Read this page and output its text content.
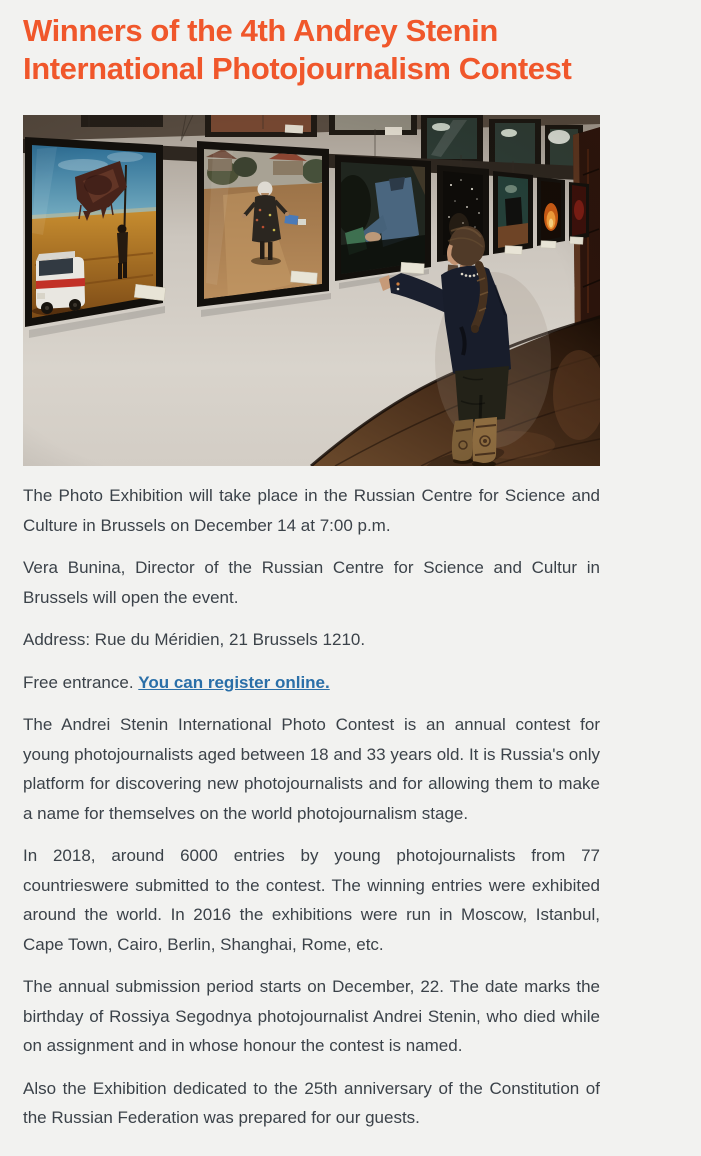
Winners of the 4th Andrey Stenin
International Photojournalism Contest

The Photo Exhibition will take place in the Russian Centre for Science and Culture in Brussels on December 14 at 7:00 p.m.

Vera Bunina, Director of the Russian Centre for Science and Cultur in Brussels will open the event.

Address: Rue du Méridien, 21 Brussels 1210.

Free entrance. You can register online.

The Andrei Stenin International Photo Contest is an annual contest for young photojournalists aged between 18 and 33 years old. It is Russia's only platform for discovering new photojournalists and for allowing them to make a name for themselves on the world photojournalism stage.

In 2018, around 6000 entries by young photojournalists from 77 countrieswere submitted to the contest. The winning entries were exhibited around the world. In 2016 the exhibitions were run in Moscow, Istanbul, Cape Town, Cairo, Berlin, Shanghai, Rome, etc.

The annual submission period starts on December, 22. The date marks the birthday of Rossiya Segodnya photojournalist Andrei Stenin, who died while on assignment and in whose honour the contest is named.

Also the Exhibition dedicated to the 25th anniversary of the Constitution of the Russian Federation was prepared for our guests.
